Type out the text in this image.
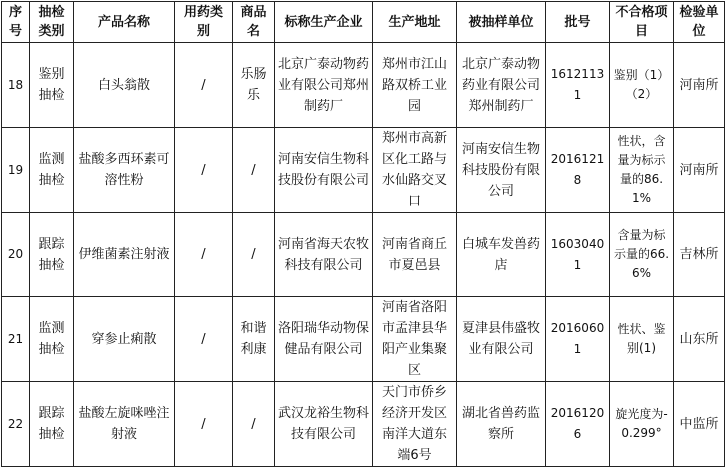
序号	抽检类别	产品名称	用药类别	商品名	标称生产企业	生产地址	被抽样单位	批号	不合格项目	检验单位
18	鉴别抽检	白头翁散	/	乐肠乐	北京广泰动物药业有限公司郑州制药厂	郑州市江山路双桥工业园	北京广泰动物药业有限公司郑州制药厂	16121131	鉴别（1）（2）	河南所
19	监测抽检	盐酸多西环素可溶性粉	/	/	河南安信生物科技股份有限公司	郑州市高新区化工路与水仙路交叉口	河南安信生物科技股份有限公司	20161218	性状，含量为标示量的86.1%	河南所
20	跟踪抽检	伊维菌素注射液	/	/	河南省海天农牧科技有限公司	河南省商丘市夏邑县	白城车发兽药店	16030401	含量为标示量的66.6%	吉林所
21	监测抽检	穿参止痢散	/	和谐利康	洛阳瑞华动物保健品有限公司	河南省洛阳市孟津县华阳产业集聚区	夏津县伟盛牧业有限公司	20160601	性状、鉴别(1)	山东所
22	跟踪抽检	盐酸左旋咪唑注射液	/	/	武汉龙裕生物科技有限公司	天门市侨乡经济开发区南洋大道东端6号	湖北省兽药监察所	20161206	旋光度为-0.299°	中监所
